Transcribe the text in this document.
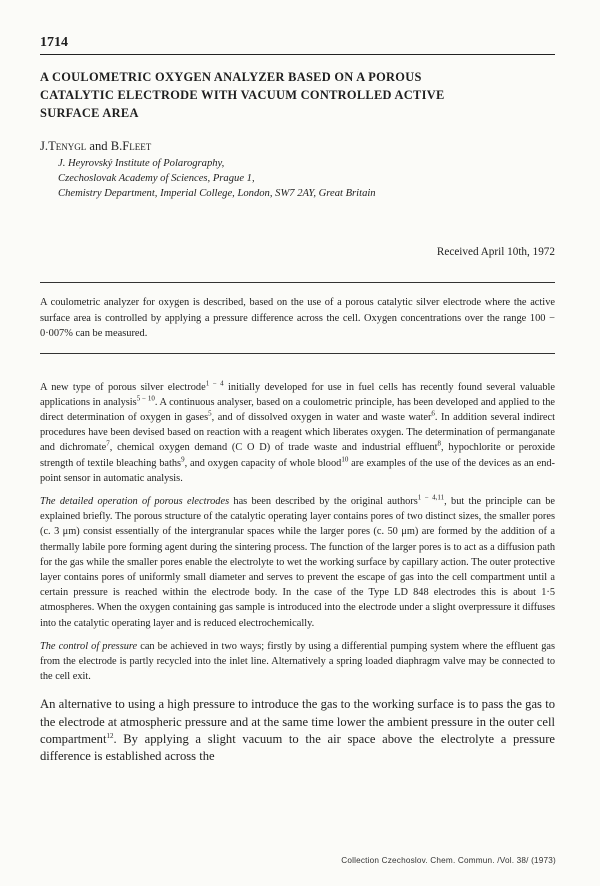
1714
A COULOMETRIC OXYGEN ANALYZER BASED ON A POROUS
CATALYTIC ELECTRODE WITH VACUUM CONTROLLED ACTIVE
SURFACE AREA
J.Tenygl and B.Fleet
J. Heyrovský Institute of Polarography,
Czechoslovak Academy of Sciences, Prague 1,
Chemistry Department, Imperial College, London, SW7 2AY, Great Britain
Received April 10th, 1972
A coulometric analyzer for oxygen is described, based on the use of a porous catalytic silver electrode where the active surface area is controlled by applying a pressure difference across the cell. Oxygen concentrations over the range 100 − 0·007% can be measured.

A new type of porous silver electrode$^{1 - 4}$ initially developed for use in fuel cells has recently found several valuable applications in analysis$^{5 - 10}$. A continuous analyser, based on a coulometric principle, has been developed and applied to the direct determination of oxygen in gases$^5$, and of dissolved oxygen in water and waste water$^6$. In addition several indirect procedures have been devised based on reaction with a reagent which liberates oxygen. The determination of permanganate and dichromate$^7$, chemical oxygen demand (C O D) of trade waste and industrial effluent$^8$, hypochlorite or peroxide strength of textile bleaching baths$^9$, and oxygen capacity of whole blood$^{10}$ are examples of the use of the devices as an end-point sensor in automatic analysis.

The detailed operation of porous electrodes has been described by the original authors$^{1 - 4,11}$, but the principle can be explained briefly. The porous structure of the catalytic operating layer contains pores of two distinct sizes, the smaller pores (c. 3 μm) consist essentially of the intergranular spaces while the larger pores (c. 50 μm) are formed by the addition of a thermally labile pore forming agent during the sintering process. The function of the larger pores is to act as a diffusion path for the gas while the smaller pores enable the electrolyte to wet the working surface by capillary action. The outer protective layer contains pores of uniformly small diameter and serves to prevent the escape of gas into the cell compartment until a certain pressure is reached within the electrode body. In the case of the Type LD 848 electrodes this is about 1·5 atmospheres. When the oxygen containing gas sample is introduced into the electrode under a slight overpressure it diffuses into the catalytic operating layer and is reduced electrochemically.

The control of pressure can be achieved in two ways; firstly by using a differential pumping system where the effluent gas from the electrode is partly recycled into the inlet line. Alternatively a spring loaded diaphragm valve may be connected to the cell exit.

An alternative to using a high pressure to introduce the gas to the working surface is to pass the gas to the electrode at atmospheric pressure and at the same time lower the ambient pressure in the outer cell compartment$^{12}$. By applying a slight vacuum to the air space above the electrolyte a pressure difference is established across the

Collection Czechoslov. Chem. Commun. /Vol. 38/ (1973)
